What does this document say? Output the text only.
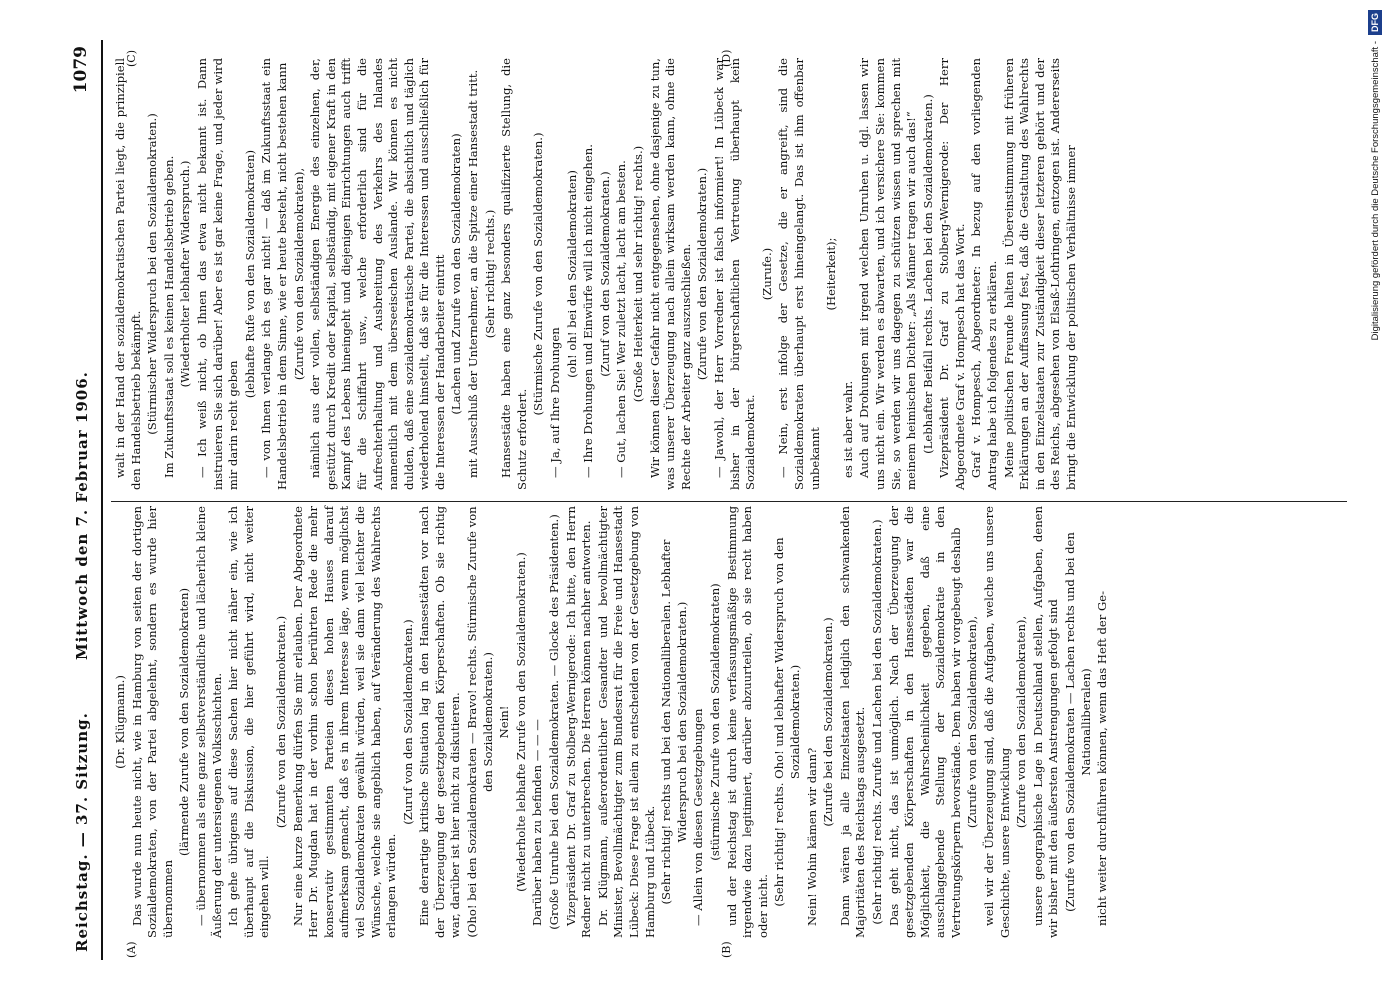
Reichstag. — 37. Sitzung.
Mittwoch den 7. Februar 1906.
1079
(A)	(B)
(C)	(D)

(Dr. Klügmann.) Das wurde nun heute nicht, wie in Hamburg von seiten der dortigen Sozialdemokraten, von der Partei abgelehnt, sondern es wurde hier übernommen

(lärmende Zurufe von den Sozialdemokraten) — übernommen als eine ganz selbstverständliche und lächerlich kleine Äußerung der untersiegenen Volksschichten. Ich gehe übrigens auf diese Sachen hier nicht näher ein, wie ich überhaupt auf die Diskussion, die hier geführt wird, nicht weiter eingehen will.

(Zurufe von den Sozialdemokraten.) Nur eine kurze Bemerkung dürfen Sie mir erlauben. Der Abgeordnete Herr Dr. Mugdan hat in der vorhin schon berührten Rede die mehr konservativ gestimmten Parteien dieses hohen Hauses darauf aufmerksam gemacht, daß es in ihrem Interesse läge, wenn möglichst viel Sozialdemokraten gewählt würden, weil sie dann viel leichter die Wünsche, welche sie angeblich haben, auf Veränderung des Wahlrechts erlangen würden.

(Zuruf von den Sozialdemokraten.) Eine derartige kritische Situation lag in den Hansestädten vor nach der Überzeugung der gesetzgebenden Körperschaften. Ob sie richtig war, darüber ist hier nicht zu diskutieren. (Oho! bei den Sozialdemokraten — Bravo! rechts. Stürmische Zurufe von den Sozialdemokraten.) Nein! (Wiederholte lebhafte Zurufe von den Sozialdemokraten.) Darüber haben zu befinden — — — (Große Unruhe bei den Sozialdemokraten. — Glocke des Präsidenten.) Vizepräsident Dr. Graf zu Stolberg-Wernigerode: Ich bitte, den Herrn Redner nicht zu unterbrechen. Die Herren können nachher antworten. Dr. Klügmann, außerordentlicher Gesandter und bevollmächtigter Minister, Bevollmächtigter zum Bundesrat für die Freie und Hansestadt Lübeck: Diese Frage ist allein zu entscheiden von der Gesetzgebung von Hamburg und Lübeck. (Sehr richtig! rechts und bei den Nationalliberalen. Lebhafter Widerspruch bei den Sozialdemokraten.) — Allein von diesen Gesetzgebungen (stürmische Zurufe von den Sozialdemokraten) und der Reichstag ist durch keine verfassungsmäßige Bestimmung irgendwie dazu legitimiert, darüber abzuurteilen, ob sie recht haben oder nicht. (Sehr richtig! rechts. Oho! und lebhafter Widerspruch von den Sozialdemokraten.)

Nein! Wohin kämen wir dann?

(Zurufe bei den Sozialdemokraten.) Dann wären ja alle Einzelstaaten lediglich den schwankenden Majoritäten des Reichstags ausgesetzt. (Sehr richtig! rechts. Zurufe und Lachen bei den Sozialdemokraten.) Das geht nicht, das ist unmöglich. Nach der Überzeugung der gesetzgebenden Körperschaften in den Hansestädten war die Möglichkeit, die Wahrscheinlichkeit gegeben, daß eine ausschlaggebende Stellung der Sozialdemokratie in den Vertretungskörpern bevorstände. Dem haben wir vorgebeugt deshalb (Zurufe von den Sozialdemokraten), weil wir der Überzeugung sind, daß die Aufgaben, welche uns unsere Geschichte, unsere Entwicklung

(Zurufe von den Sozialdemokraten), unsere geographische Lage in Deutschland stellen, Aufgaben, denen wir bisher mit den äußersten Anstrengungen gefolgt sind (Zurufe von den Sozialdemokraten — Lachen rechts und bei den Nationalliberalen) nicht weiter durchführen können, wenn das Heft der Ge-

walt in der Hand der sozialdemokratischen Partei liegt, die prinzipiell den Handelsbetrieb bekämpft. (Stürmischer Widerspruch bei den Sozialdemokraten.) Im Zukunftsstaat soll es keinen Handelsbetrieb geben. (Wiederholter lebhafter Widerspruch.) — Ich weiß nicht, ob Ihnen das etwa nicht bekannt ist. Dann instruieren Sie sich darüber! Aber es ist gar keine Frage, und jeder wird mir darin recht geben

(lebhafte Rufe von den Sozialdemokraten) — von Ihnen verlange ich es gar nicht! — daß im Zukunftsstaat ein Handelsbetrieb in dem Sinne, wie er heute besteht, nicht bestehen kann (Zurufe von den Sozialdemokraten), nämlich aus der vollen, selbständigen Energie des einzelnen, der, gestützt durch Kredit oder Kapital, selbständig, mit eigener Kraft in den Kampf des Lebens hineingeht und diejenigen Einrichtungen auch trifft für die Schiffahrt usw., welche erforderlich sind für die Aufrechterhaltung und Ausbreitung des Verkehrs des Inlandes namentlich mit dem überseeischen Auslande. Wir können es nicht dulden, daß eine sozialdemokratische Partei, die absichtlich und täglich wiederholend hinstellt, daß sie für die Interessen und ausschließlich für die Interessen der Handarbeiter eintritt (Lachen und Zurufe von den Sozialdemokraten) mit Ausschluß der Unternehmer, an die Spitze einer Hansestadt tritt. (Sehr richtig! rechts.) Hansestädte haben eine ganz besonders qualifizierte Stellung, die Schutz erfordert.

(Stürmische Zurufe von den Sozialdemokraten.) — Ja, auf Ihre Drohungen

(oh! oh! bei den Sozialdemokraten) — Ihre Drohungen und Einwürfe will ich nicht eingehen. (Zuruf von den Sozialdemokraten.) — Gut, lachen Sie! Wer zuletzt lacht, lacht am besten. (Große Heiterkeit und sehr richtig! rechts.) Wir können dieser Gefahr nicht entgegensehen, ohne dasjenige zu tun, was unserer Überzeugung nach allein wirksam werden kann, ohne die Rechte der Arbeiter ganz auszuschließen. (Zurufe von den Sozialdemokraten.) — Jawohl, der Herr Vorredner ist falsch informiert! In Lübeck war bisher in der bürgerschaftlichen Vertretung überhaupt kein Sozialdemokrat.

(Zurufe.) — Nein, erst infolge der Gesetze, die er angreift, sind die Sozialdemokraten überhaupt erst hineingelangt. Das ist ihm offenbar unbekannt

(Heiterkeit);

es ist aber wahr. Auch auf Drohungen mit irgend welchen Unruhen u. dgl. lassen wir uns nicht ein. Wir werden es abwarten, und ich versichere Sie: kommen Sie, so werden wir uns dagegen zu schützen wissen und sprechen mit meinem heimischen Dichter: „Als Männer tragen wir auch das!“ (Lebhafter Beifall rechts. Lachen bei den Sozialdemokraten.) Vizepräsident Dr. Graf zu Stolberg-Wernigerode: Der Herr Abgeordnete Graf v. Hompesch hat das Wort. Graf v. Hompesch, Abgeordneter: In bezug auf den vorliegenden Antrag habe ich folgendes zu erklären. Meine politischen Freunde halten in Übereinstimmung mit früheren Erklärungen an der Auffassung fest, daß die Gestaltung des Wahlrechts in den Einzelstaaten zur Zuständigkeit dieser letzteren gehört und der des Reichs, abgesehen von Elsaß-Lothringen, entzogen ist. Andererseits bringt die Entwicklung der politischen Verhältnisse immer	Digitalisierung gefördert durch die Deutsche Forschungsgemeinschaft -DFG
